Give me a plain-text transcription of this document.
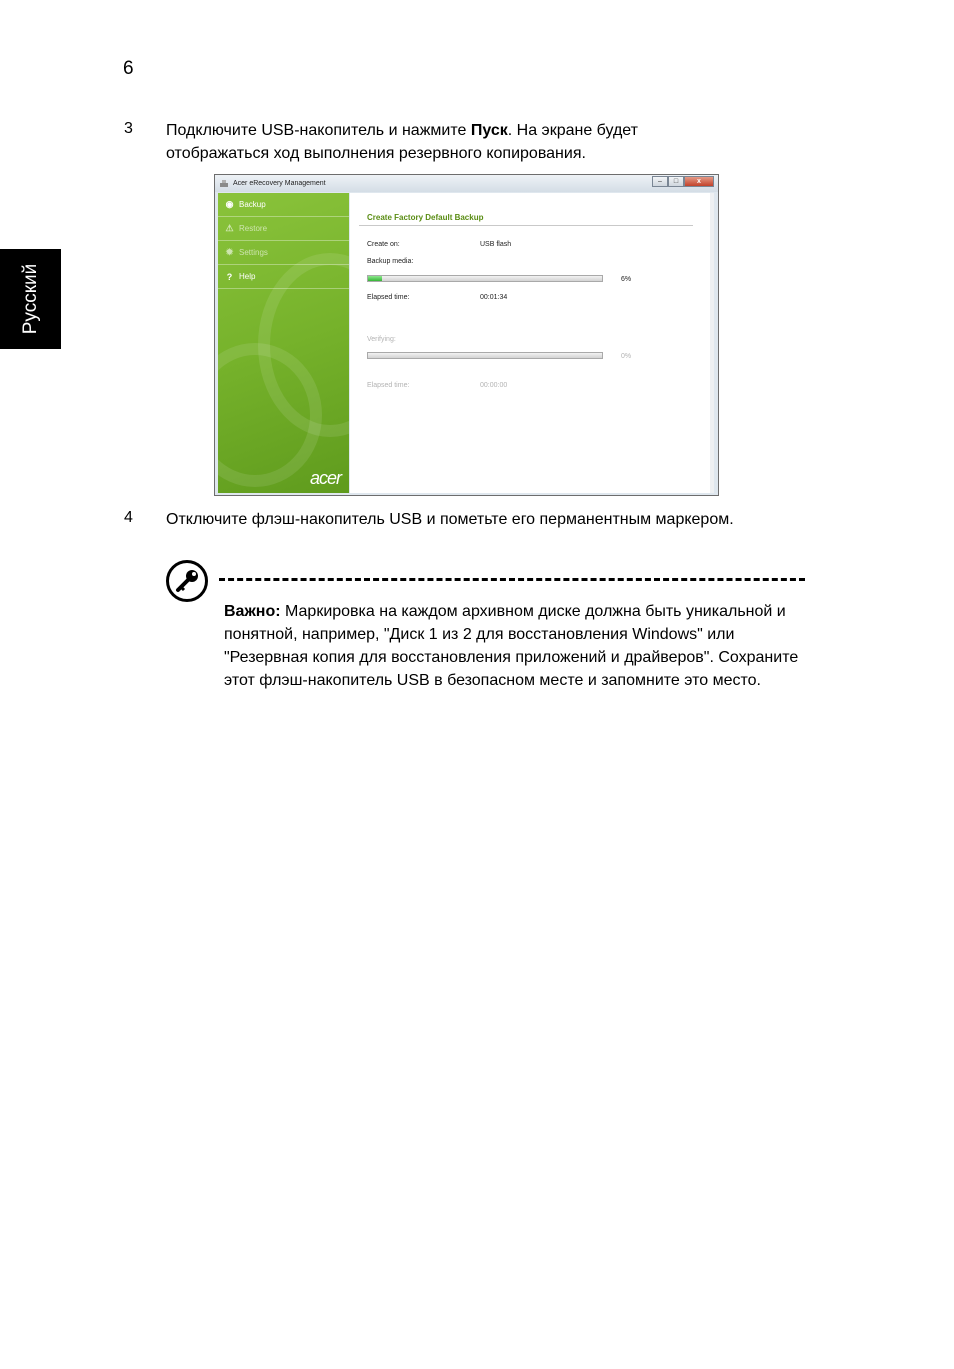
6
Русский
3 Подключите USB-накопитель и нажмите Пуск. На экране будет отображаться ход выполнения резервного копирования.
Acer eRecovery Management	–	□	x
◉ Backup
⚠ Restore
✹ Settings
? Help
acer
Create Factory Default Backup
Create on:	USB flash
Backup media:
6%
Elapsed time:	00:01:34
Verifying:
0%
Elapsed time:	00:00:00
4 Отключите флэш-накопитель USB и пометьте его перманентным маркером.
Важно: Маркировка на каждом архивном диске должна быть уникальной и понятной, например, "Диск 1 из 2 для восстановления Windows" или "Резервная копия для восстановления приложений и драйверов". Сохраните этот флэш-накопитель USB в безопасном месте и запомните это место.
